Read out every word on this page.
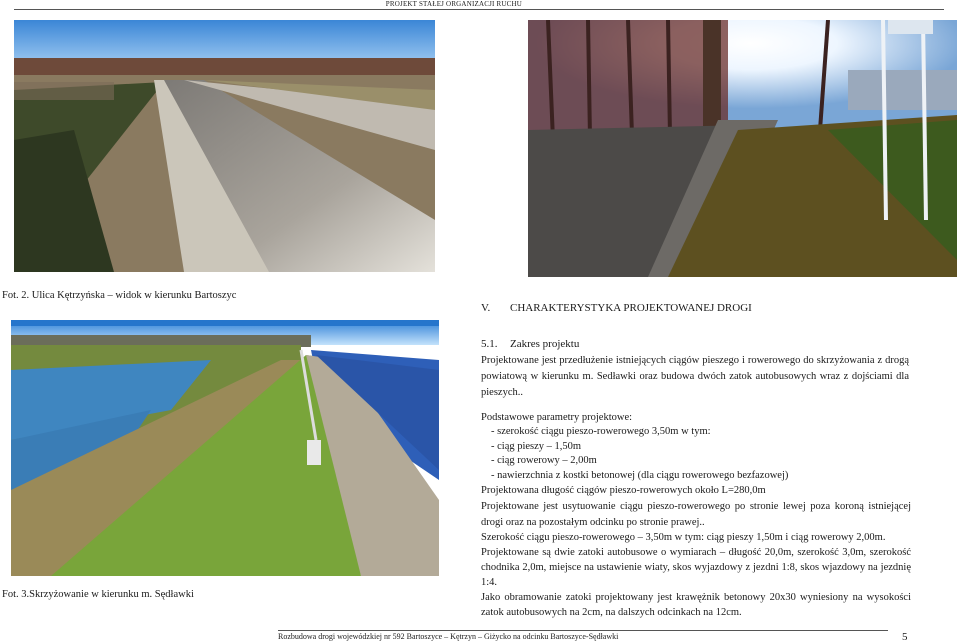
PROJEKT STAŁEJ ORGANIZACJI RUCHU
Fot. 2. Ulica Kętrzyńska – widok w kierunku Bartoszyc
Fot. 3.Skrzyżowanie w kierunku m. Sędławki
V. CHARAKTERYSTYKA PROJEKTOWANEJ DROGI
5.1. Zakres projektu
Projektowane jest przedłużenie istniejących ciągów pieszego i rowerowego do skrzyżowania z drogą powiatową w kierunku m. Sedławki oraz budowa dwóch zatok autobusowych wraz z dojściami dla pieszych..
Podstawowe parametry projektowe:
- szerokość ciągu pieszo-rowerowego 3,50m w tym:
- ciąg pieszy – 1,50m
- ciąg rowerowy – 2,00m
- nawierzchnia z kostki betonowej (dla ciągu rowerowego bezfazowej)
Projektowana długość ciągów pieszo-rowerowych około L=280,0m
Projektowane jest usytuowanie ciągu pieszo-rowerowego po stronie lewej poza koroną istniejącej drogi oraz na pozostałym odcinku po stronie prawej..
Szerokość ciągu pieszo-rowerowego – 3,50m w tym: ciąg pieszy 1,50m i ciąg rowerowy 2,00m.
Projektowane są dwie zatoki autobusowe o wymiarach – długość 20,0m, szerokość 3,0m, szerokość chodnika 2,0m, miejsce na ustawienie wiaty, skos wyjazdowy z jezdni 1:8, skos wjazdowy na jezdnię 1:4.
Jako obramowanie zatoki projektowany jest krawężnik betonowy 20x30 wyniesiony na wysokości zatok autobusowych na 2cm, na dalszych odcinkach na 12cm.
Rozbudowa drogi wojewódzkiej nr 592 Bartoszyce – Kętrzyn – Giżycko na odcinku Bartoszyce-Sędławki	5
